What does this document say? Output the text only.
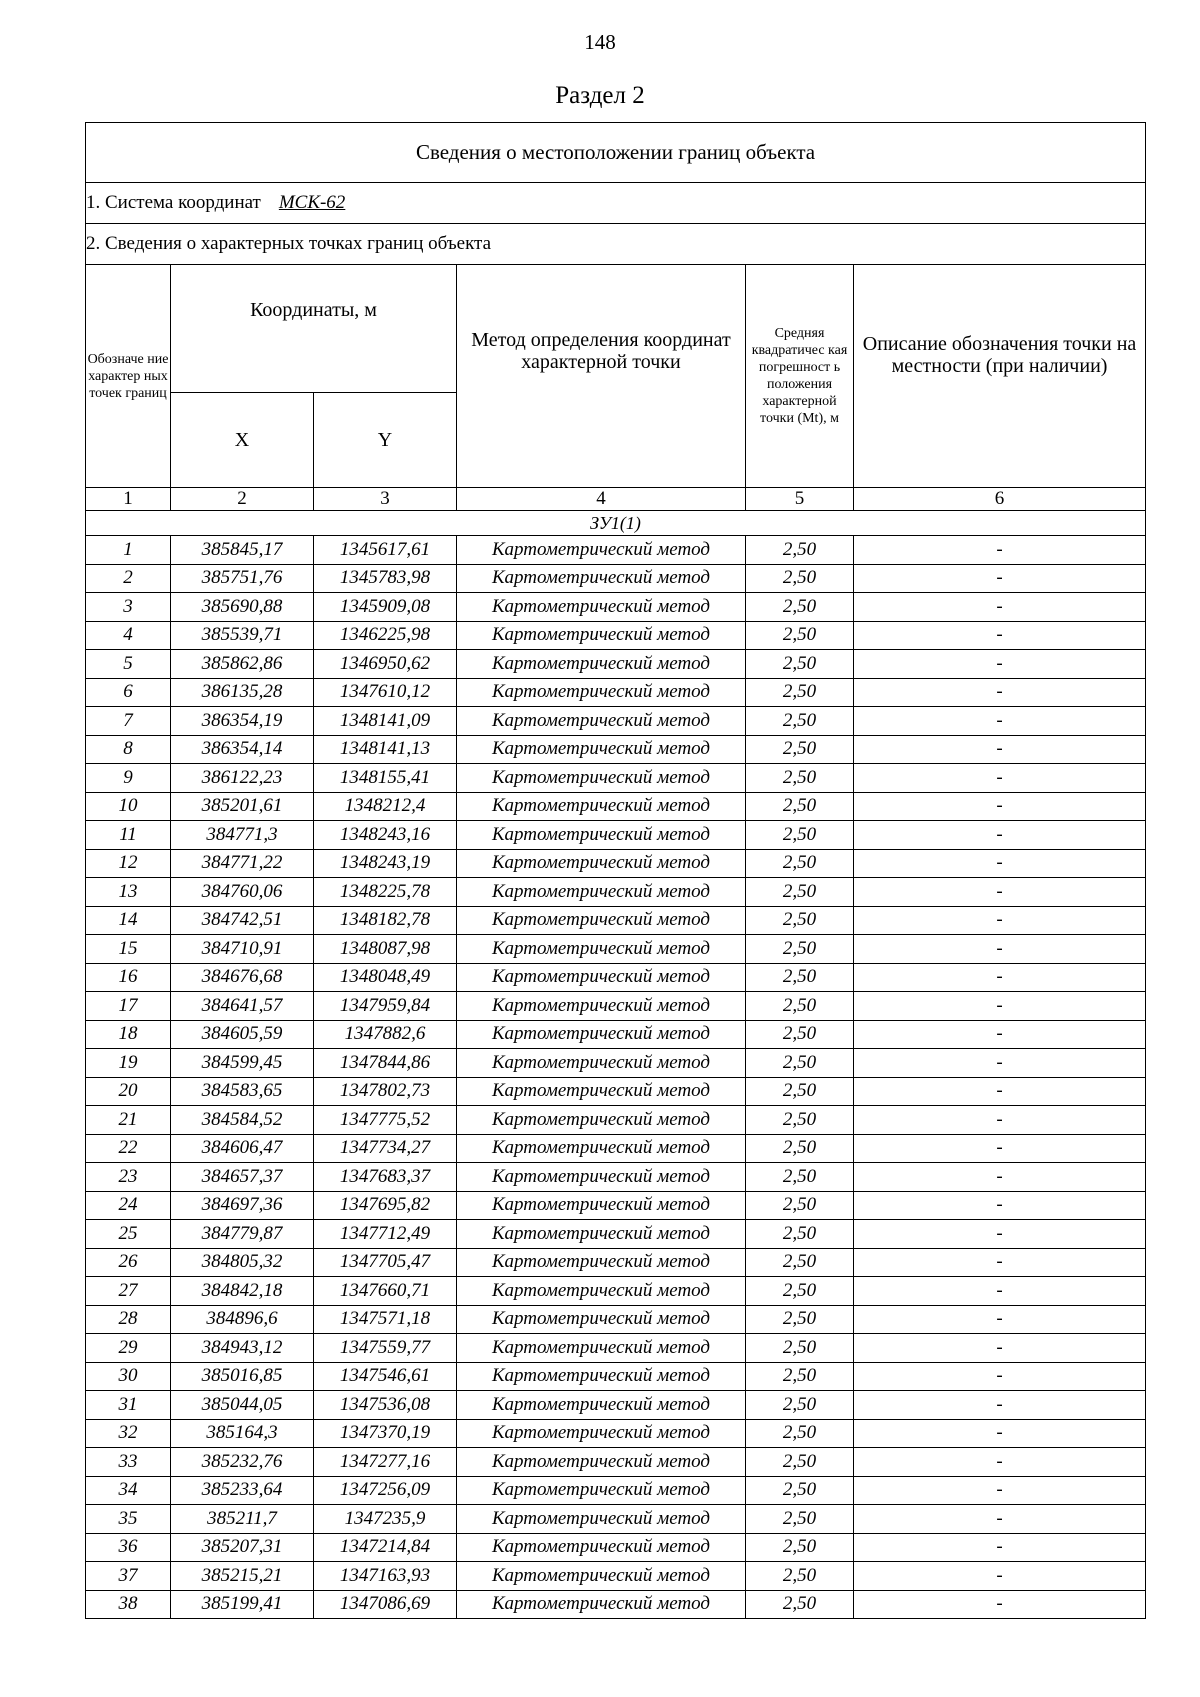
148
Раздел 2
Сведения о местоположении границ объекта					
1. Система координат МСК-62					
2. Сведения о характерных точках границ объекта					
Обозначе ние характер ных точек границ	Координаты, м		Метод определения координат характерной точки	Средняя квадратичес кая погрешност ь положения характерной точки (Mt), м	Описание обозначения точки на местности (при наличии)
	X	Y			
1	2	3	4	5	6
ЗУ1(1)					
1	385845,17	1345617,61	Картометрический метод	2,50	-
2	385751,76	1345783,98	Картометрический метод	2,50	-
3	385690,88	1345909,08	Картометрический метод	2,50	-
4	385539,71	1346225,98	Картометрический метод	2,50	-
5	385862,86	1346950,62	Картометрический метод	2,50	-
6	386135,28	1347610,12	Картометрический метод	2,50	-
7	386354,19	1348141,09	Картометрический метод	2,50	-
8	386354,14	1348141,13	Картометрический метод	2,50	-
9	386122,23	1348155,41	Картометрический метод	2,50	-
10	385201,61	1348212,4	Картометрический метод	2,50	-
11	384771,3	1348243,16	Картометрический метод	2,50	-
12	384771,22	1348243,19	Картометрический метод	2,50	-
13	384760,06	1348225,78	Картометрический метод	2,50	-
14	384742,51	1348182,78	Картометрический метод	2,50	-
15	384710,91	1348087,98	Картометрический метод	2,50	-
16	384676,68	1348048,49	Картометрический метод	2,50	-
17	384641,57	1347959,84	Картометрический метод	2,50	-
18	384605,59	1347882,6	Картометрический метод	2,50	-
19	384599,45	1347844,86	Картометрический метод	2,50	-
20	384583,65	1347802,73	Картометрический метод	2,50	-
21	384584,52	1347775,52	Картометрический метод	2,50	-
22	384606,47	1347734,27	Картометрический метод	2,50	-
23	384657,37	1347683,37	Картометрический метод	2,50	-
24	384697,36	1347695,82	Картометрический метод	2,50	-
25	384779,87	1347712,49	Картометрический метод	2,50	-
26	384805,32	1347705,47	Картометрический метод	2,50	-
27	384842,18	1347660,71	Картометрический метод	2,50	-
28	384896,6	1347571,18	Картометрический метод	2,50	-
29	384943,12	1347559,77	Картометрический метод	2,50	-
30	385016,85	1347546,61	Картометрический метод	2,50	-
31	385044,05	1347536,08	Картометрический метод	2,50	-
32	385164,3	1347370,19	Картометрический метод	2,50	-
33	385232,76	1347277,16	Картометрический метод	2,50	-
34	385233,64	1347256,09	Картометрический метод	2,50	-
35	385211,7	1347235,9	Картометрический метод	2,50	-
36	385207,31	1347214,84	Картометрический метод	2,50	-
37	385215,21	1347163,93	Картометрический метод	2,50	-
38	385199,41	1347086,69	Картометрический метод	2,50	-
